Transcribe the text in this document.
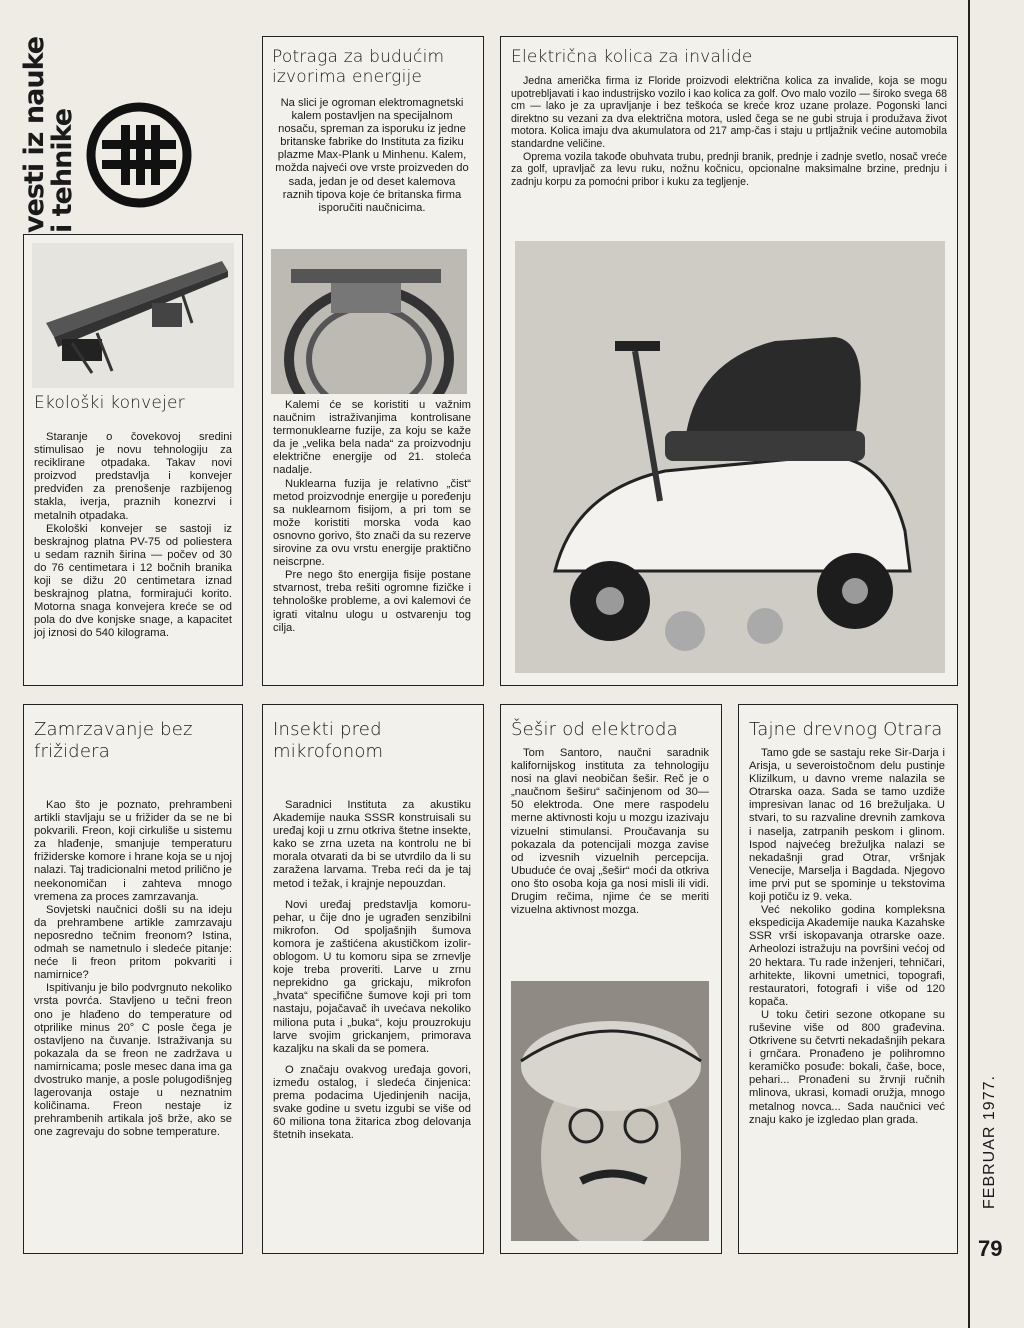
vesti iz nauke
i tehnike
Ekološki konvejer

Staranje o čovekovoj sredini stimulisao je novu tehnologiju za reciklirane otpadaka. Takav novi proizvod predstavlja i konvejer predviđen za prenošenje razbijenog stakla, iverja, praznih konezrvi i metalnih otpadaka.

Ekološki konvejer se sastoji iz beskrajnog platna PV-75 od poliestera u sedam raznih širina — počev od 30 do 76 centimetara i 12 bočnih branika koji se dižu 20 centimetara iznad beskrajnog platna, formirajući korito. Motorna snaga konvejera kreće se od pola do dve konjske snage, a kapacitet joj iznosi do 540 kilograma.

Potraga za budućim izvorima energije

Na slici je ogroman elektromagnetski kalem postavljen na specijalnom nosaču, spreman za isporuku iz jedne britanske fabrike do Instituta za fiziku plazme Max-Plank u Minhenu. Kalem, možda najveći ove vrste proizveden do sada, jedan je od deset kalemova raznih tipova koje će britanska firma isporučiti naučnicima.

Kalemi će se koristiti u važnim naučnim istraživanjima kontrolisane termonuklearne fuzije, za koju se kaže da je „velika bela nada“ za proizvodnju električne energije od 21. stoleća nadalje.

Nuklearna fuzija je relativno „čist“ metod proizvodnje energije u poređenju sa nuklearnom fisijom, a pri tom se može koristiti morska voda kao osnovno gorivo, što znači da su rezerve sirovine za ovu vrstu energije praktično neiscrpne.

Pre nego što energija fisije postane stvarnost, treba rešiti ogromne fizičke i tehnološke probleme, a ovi kalemovi će igrati vitalnu ulogu u ostvarenju tog cilja.

Električna kolica za invalide

Jedna američka firma iz Floride proizvodi električna kolica za invalide, koja se mogu upotrebljavati i kao industrijsko vozilo i kao kolica za golf. Ovo malo vozilo — široko svega 68 cm — lako je za upravljanje i bez teškoća se kreće kroz uzane prolaze. Pogonski lanci direktno su vezani za dva električna motora, usled čega se ne gubi struja i produžava život motora. Kolica imaju dva akumulatora od 217 amp-čas i staju u prtljažnik većine automobila standardne veličine.

Oprema vozila takođe obuhvata trubu, prednji branik, prednje i zadnje svetlo, nosač vreće za golf, upravljač za levu ruku, nožnu kočnicu, opcionalne maksimalne brzine, prednju i zadnju korpu za pomoćni pribor i kuku za tegljenje.

Zamrzavanje bez frižidera

Kao što je poznato, prehrambeni artikli stavljaju se u frižider da se ne bi pokvarili. Freon, koji cirkuliše u sistemu za hlađenje, smanjuje temperaturu frižiderske komore i hrane koja se u njoj nalazi. Taj tradicionalni metod prilično je neekonomičan i zahteva mnogo vremena za proces zamrzavanja.

Sovjetski naučnici došli su na ideju da prehrambene artikle zamrzavaju neposredno tečnim freonom? Istina, odmah se nametnulo i sledeće pitanje: neće li freon pritom pokvariti i namirnice?

Ispitivanju je bilo podvrgnuto nekoliko vrsta povrća. Stavljeno u tečni freon ono je hlađeno do temperature od otprilike minus 20° C posle čega je ostavljeno na čuvanje. Istraživanja su pokazala da se freon ne zadržava u namirnicama; posle mesec dana ima ga dvostruko manje, a posle polugodišnjeg lagerovanja ostaje u neznatnim količinama. Freon nestaje iz prehrambenih artikala još brže, ako se one zagrevaju do sobne temperature.

Insekti pred mikrofonom

Saradnici Instituta za akustiku Akademije nauka SSSR konstruisali su uređaj koji u zrnu otkriva štetne insekte, kako se zrna uzeta na kontrolu ne bi morala otvarati da bi se utvrdilo da li su zaražena larvama. Treba reći da je taj metod i težak, i krajnje nepouzdan.

Novi uređaj predstavlja komoru-pehar, u čije dno je ugrađen senzibilni mikrofon. Od spoljašnjih šumova komora je zaštićena akustičkom izolir-oblogom. U tu komoru sipa se zrnevlje koje treba proveriti. Larve u zrnu neprekidno ga grickaju, mikrofon „hvata“ specifične šumove koji pri tom nastaju, pojačavač ih uvećava nekoliko miliona puta i „buka“, koju prouzrokuju larve svojim grickanjem, primorava kazaljku na skali da se pomera.

O značaju ovakvog uređaja govori, između ostalog, i sledeća činjenica: prema podacima Ujedinjenih nacija, svake godine u svetu izgubi se više od 60 miliona tona žitarica zbog delovanja štetnih insekata.

Šešir od elektroda

Tom Santoro, naučni saradnik kalifornijskog instituta za tehnologiju nosi na glavi neobičan šešir. Reč je o „naučnom šeširu“ sačinjenom od 30—50 elektroda. One mere raspodelu merne aktivnosti koju u mozgu izazivaju vizuelni stimulansi. Proučavanja su pokazala da potencijali mozga zavise od izvesnih vizuelnih percepcija. Ubuduće će ovaj „šešir“ moći da otkriva ono što osoba koja ga nosi misli ili vidi. Drugim rečima, njime će se meriti vizuelna aktivnost mozga.

Tajne drevnog Otrara

Tamo gde se sastaju reke Sir-Darja i Arisja, u severoistočnom delu pustinje Klizilkum, u davno vreme nalazila se Otrarska oaza. Sada se tamo uzdiže impresivan lanac od 16 brežuljaka. U stvari, to su razvaline drevnih zamkova i naselja, zatrpanih peskom i glinom. Ispod najvećeg brežuljka nalazi se nekadašnji grad Otrar, vršnjak Venecije, Marselja i Bagdada. Njegovo ime prvi put se spominje u tekstovima koji potiču iz 9. veka.

Već nekoliko godina kompleksna ekspedicija Akademije nauka Kazahske SSR vrši iskopavanja otrarske oaze. Arheolozi istražuju na površini većoj od 20 hektara. Tu rade inženjeri, tehničari, arhitekte, likovni umetnici, topografi, restauratori, fotografi i više od 120 kopača.

U toku četiri sezone otkopane su ruševine više od 800 građevina. Otkrivene su četvrti nekadašnjih pekara i grnčara. Pronađeno je polihromno keramičko posuđe: bokali, čaše, boce, pehari... Pronađeni su žrvnji ručnih mlinova, ukrasi, komadi oružja, mnogo metalnog novca... Sada naučnici već znaju kako je izgledao plan grada.	FEBRUAR 1977.
79
